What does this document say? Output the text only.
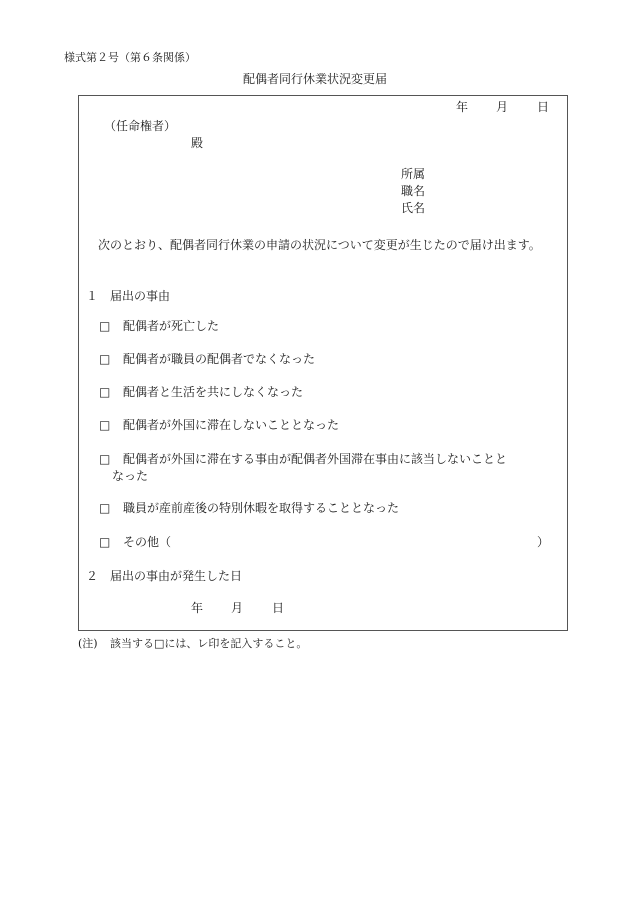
様式第２号（第６条関係）
配偶者同行休業状況変更届
年 月 日
（任命権者）
殿
所属
職名
氏名
次のとおり、配偶者同行休業の申請の状況について変更が生じたので届け出ます。
１ 届出の事由
□ 配偶者が死亡した
□ 配偶者が職員の配偶者でなくなった
□ 配偶者と生活を共にしなくなった
□ 配偶者が外国に滞在しないこととなった
□ 配偶者が外国に滞在する事由が配偶者外国滞在事由に該当しないことと
なった
□ 職員が産前産後の特別休暇を取得することとなった
□ その他（	）
２ 届出の事由が発生した日
年 月 日
(注) 該当する□には、レ印を記入すること。
